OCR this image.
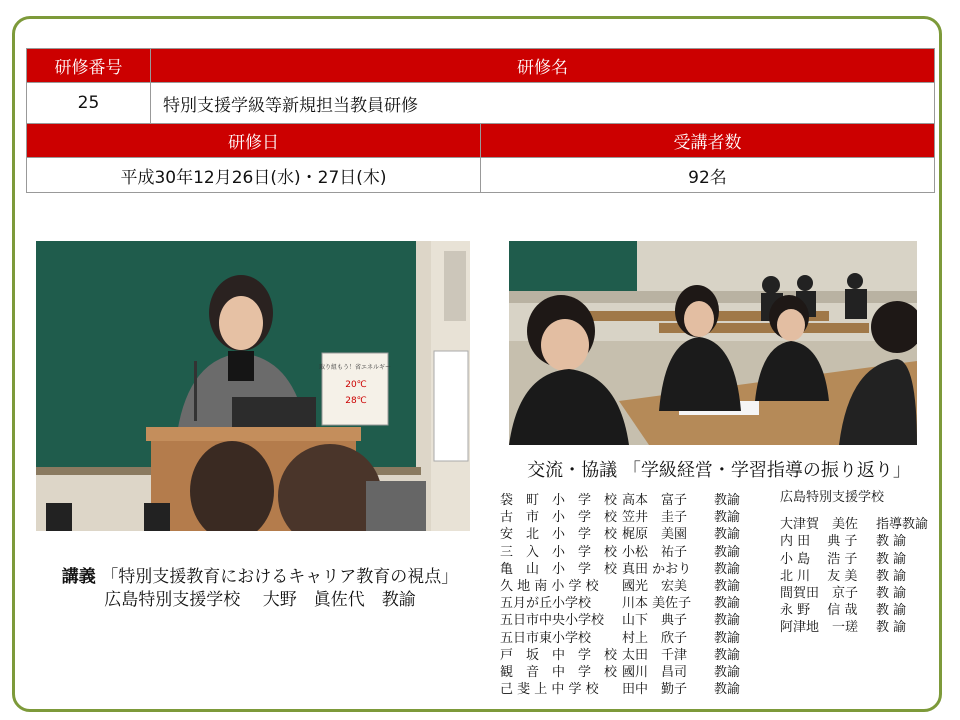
研修番号	研修名	
25	特別支援学級等新規担当教員研修	
研修日		受講者数
平成30年12月26日(水)・27日(木)		92名
取り組もう！省エネルギー
20℃
28℃
講義 「特別支援教育におけるキャリア教育の視点」
広島特別支援学校　 大野　眞佐代　教諭
交流・協議 「学級経営・学習指導の振り返り」
袋　町　小　学　校 高本　富子	教諭
古　市　小　学　校 笠井　圭子	教諭
安　北　小　学　校 梶原　美園	教諭
三　入　小　学　校 小松　祐子	教諭
亀　山　小　学　校 真田 かおり	教諭
久 地 南 小 学 校	國光　宏美	教諭
五月が丘小学校	川本 美佐子	教諭
五日市中央小学校	山下　典子	教諭
五日市東小学校	村上　欣子	教諭
戸　坂　中　学　校 太田　千津	教諭
観　音　中　学　校 國川　昌司	教諭
己 斐 上 中 学 校	田中　勤子	教諭
広島特別支援学校
大津賀　美佐	指導教諭
内 田　 典 子	教 諭
小 島　 浩 子	教 諭
北 川　 友 美	教 諭
間賀田　京子	教 諭
永 野　 信 哉	教 諭
阿津地　一瑳	教 諭
